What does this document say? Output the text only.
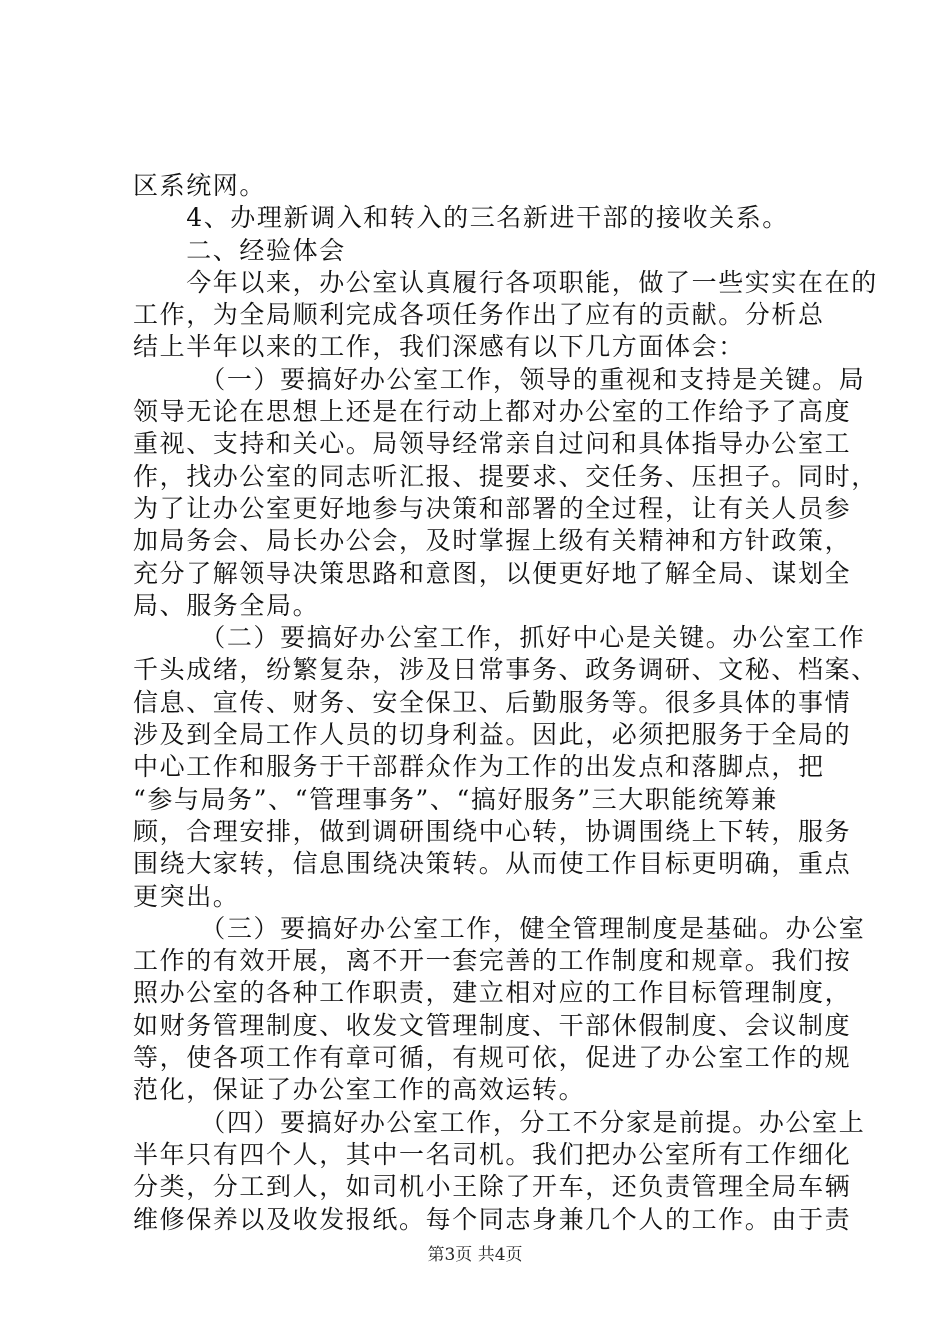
区系统网。
　　4、办理新调入和转入的三名新进干部的接收关系。
　　二、经验体会
　　今年以来，办公室认真履行各项职能，做了一些实实在在的
工作，为全局顺利完成各项任务作出了应有的贡献。分析总
结上半年以来的工作，我们深感有以下几方面体会：
　　　（一）要搞好办公室工作，领导的重视和支持是关键。局
领导无论在思想上还是在行动上都对办公室的工作给予了高度
重视、支持和关心。局领导经常亲自过问和具体指导办公室工
作，找办公室的同志听汇报、提要求、交任务、压担子。同时，
为了让办公室更好地参与决策和部署的全过程，让有关人员参
加局务会、局长办公会，及时掌握上级有关精神和方针政策，
充分了解领导决策思路和意图，以便更好地了解全局、谋划全
局、服务全局。
　　　（二）要搞好办公室工作，抓好中心是关键。办公室工作
千头成绪，纷繁复杂，涉及日常事务、政务调研、文秘、档案、
信息、宣传、财务、安全保卫、后勤服务等。很多具体的事情
涉及到全局工作人员的切身利益。因此，必须把服务于全局的
中心工作和服务于干部群众作为工作的出发点和落脚点，把
“参与局务”、“管理事务”、“搞好服务”三大职能统筹兼
顾，合理安排，做到调研围绕中心转，协调围绕上下转，服务
围绕大家转，信息围绕决策转。从而使工作目标更明确，重点
更突出。
　　　（三）要搞好办公室工作，健全管理制度是基础。办公室
工作的有效开展，离不开一套完善的工作制度和规章。我们按
照办公室的各种工作职责，建立相对应的工作目标管理制度，
如财务管理制度、收发文管理制度、干部休假制度、会议制度
等，使各项工作有章可循，有规可依，促进了办公室工作的规
范化，保证了办公室工作的高效运转。
　　　（四）要搞好办公室工作，分工不分家是前提。办公室上
半年只有四个人，其中一名司机。我们把办公室所有工作细化
分类，分工到人，如司机小王除了开车，还负责管理全局车辆
维修保养以及收发报纸。每个同志身兼几个人的工作。由于责
第3页 共4页
